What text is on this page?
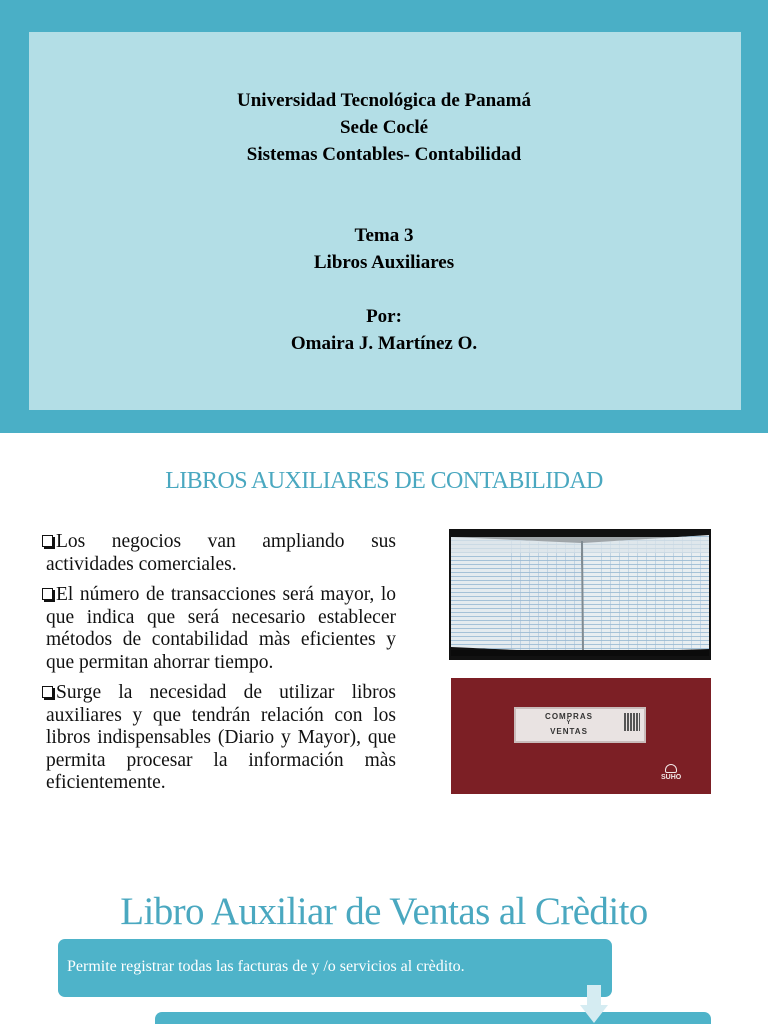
Universidad Tecnológica de Panamá
Sede Coclé
Sistemas Contables- Contabilidad
Tema 3
Libros Auxiliares
Por:
Omaira J. Martínez O.
LIBROS AUXILIARES DE CONTABILIDAD

Los negocios van ampliando sus actividades comerciales.

El número de transacciones será mayor, lo que indica que será necesario establecer métodos de contabilidad màs eficientes y que permitan ahorrar tiempo.

Surge la necesidad de utilizar libros auxiliares y que tendrán relación con los libros indispensables (Diario y Mayor), que permita procesar la información màs eficientemente.

COMPRAS
Y
VENTAS
SUHO
Libro Auxiliar de Ventas al Crèdito
Permite registrar todas las facturas de y /o servicios al crèdito.
